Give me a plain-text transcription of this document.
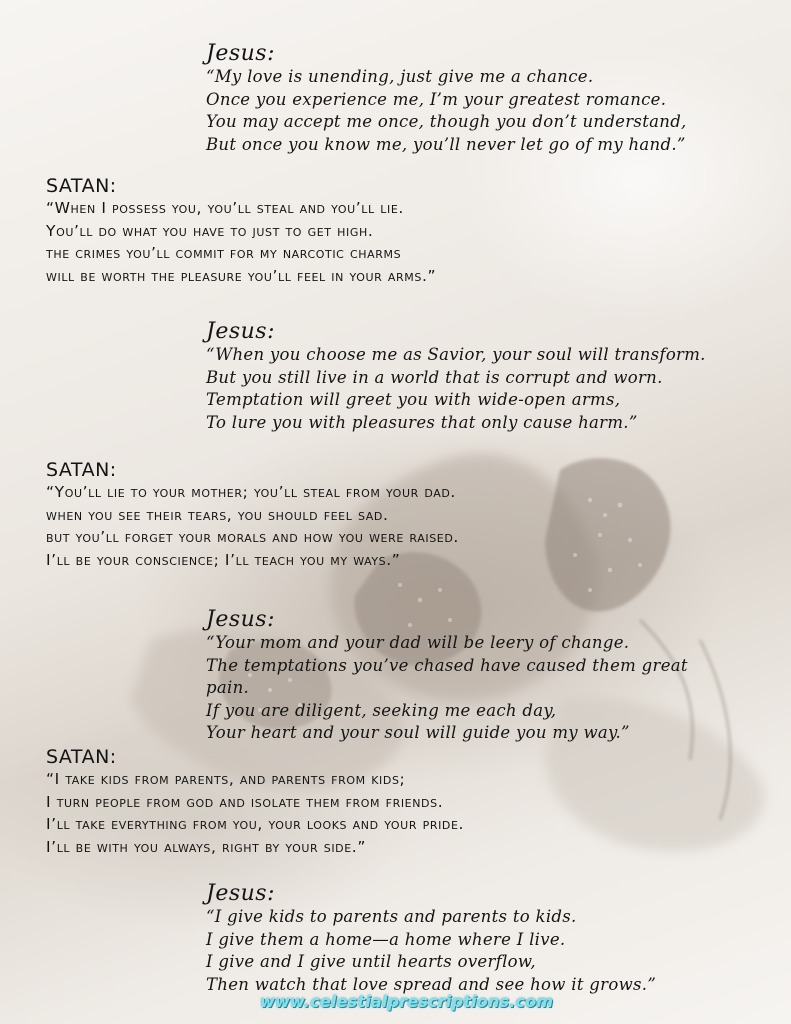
Jesus:
“My love is unending, just give me a chance.
Once you experience me, I’m your greatest romance.
You may accept me once, though you don’t understand,
But once you know me, you’ll never let go of my hand.”
SATAN:
“When I possess you, you’ll steal and you’ll lie.
You’ll do what you have to just to get high.
the crimes you’ll commit for my narcotic charms
will be worth the pleasure you’ll feel in your arms.”
Jesus:
“When you choose me as Savior, your soul will transform.
But you still live in a world that is corrupt and worn.
Temptation will greet you with wide-open arms,
To lure you with pleasures that only cause harm.”
SATAN:
“You’ll lie to your mother; you’ll steal from your dad.
when you see their tears, you should feel sad.
but you’ll forget your morals and how you were raised.
I’ll be your conscience; I’ll teach you my ways.”
Jesus:
“Your mom and your dad will be leery of change.
The temptations you’ve chased have caused them great
pain.
If you are diligent, seeking me each day,
Your heart and your soul will guide you my way.”
SATAN:
“I take kids from parents, and parents from kids;
I turn people from god and isolate them from friends.
I’ll take everything from you, your looks and your pride.
I’ll be with you always, right by your side.”
Jesus:
“I give kids to parents and parents to kids.
I give them a home—a home where I live.
I give and I give until hearts overflow,
Then watch that love spread and see how it grows.”
www.celestialprescriptions.com
